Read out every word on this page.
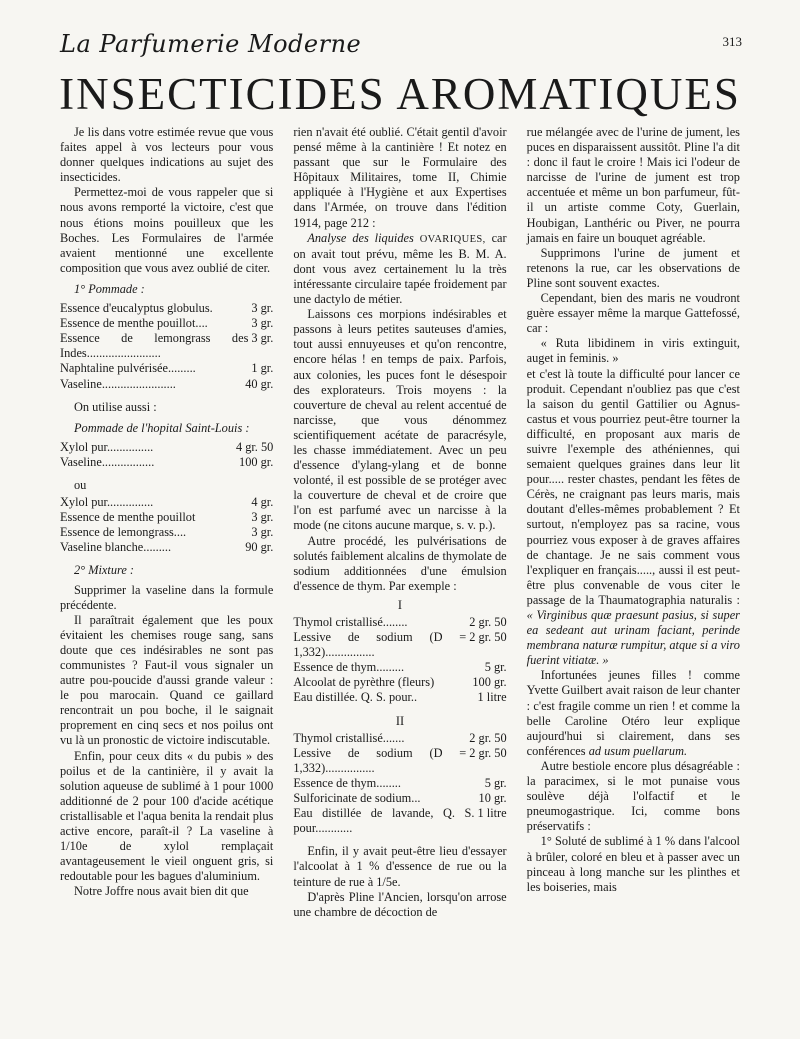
La Parfumerie Moderne	313
INSECTICIDES AROMATIQUES

Je lis dans votre estimée revue que vous faites appel à vos lecteurs pour vous donner quelques indications au sujet des insecticides.

Permettez-moi de vous rappeler que si nous avons remporté la victoire, c'est que nous étions moins pouilleux que les Boches. Les Formulaires de l'armée avaient mentionné une excellente composition que vous avez oublié de citer.

1° Pommade :
Essence d'eucalyptus globulus.	3 gr.
Essence de menthe pouillot....	3 gr.
Essence de lemongrass des Indes........................
3 gr.
Naphtaline pulvérisée.........	1 gr.
Vaseline........................	40 gr.

On utilise aussi :

Pommade de l'hopital Saint-Louis :
Xylol pur...............	4 gr. 50
Vaseline.................	100 gr.

ou

Xylol pur...............	4 gr.
Essence de menthe pouillot	3 gr.
Essence de lemongrass....	3 gr.
Vaseline blanche.........	90 gr.
2° Mixture :

Supprimer la vaseline dans la formule précédente.

Il paraîtrait également que les poux évitaient les chemises rouge sang, sans doute que ces indésirables ne sont pas communistes ? Faut-il vous signaler un autre pou-poucide d'aussi grande valeur : le pou marocain. Quand ce gaillard rencontrait un pou boche, il le saignait proprement en cinq secs et nos poilus ont vu là un pronostic de victoire indiscutable.

Enfin, pour ceux dits « du pubis » des poilus et de la cantinière, il y avait la solution aqueuse de sublimé à 1 pour 1000 additionné de 2 pour 100 d'acide acétique cristallisable et l'aqua benita la rendait plus active encore, paraît-il ? La vaseline à 1/10e de xylol remplaçait avantageusement le vieil onguent gris, si redoutable pour les bagues d'aluminium.

Notre Joffre nous avait bien dit que

rien n'avait été oublié. C'était gentil d'avoir pensé même à la cantinière ! Et notez en passant que sur le Formulaire des Hôpitaux Militaires, tome II, Chimie appliquée à l'Hygiène et aux Expertises dans l'Armée, on trouve dans l'édition 1914, page 212 :

Analyse des liquides OVARIQUES, car on avait tout prévu, même les B. M. A. dont vous avez certainement lu la très intéressante circulaire tapée froidement par une dactylo de métier.

Laissons ces morpions indésirables et passons à leurs petites sauteuses d'amies, tout aussi ennuyeuses et qu'on rencontre, encore hélas ! en temps de paix. Parfois, aux colonies, les puces font le désespoir des explorateurs. Trois moyens : la couverture de cheval au relent accentué de narcisse, que vous dénommez scientifiquement acétate de paracrésyle, les chasse immédiatement. Avec un peu d'essence d'ylang-ylang et de bonne volonté, il est possible de se protéger avec la couverture de cheval et de croire que l'on est parfumé avec un narcisse à la mode (ne citons aucune marque, s. v. p.).

Autre procédé, les pulvérisations de solutés faiblement alcalins de thymolate de sodium additionnées d'une émulsion d'essence de thym. Par exemple :

I
Thymol cristallisé........	2 gr. 50
Lessive de sodium (D = 1,332)................
2 gr. 50
Essence de thym.........	5 gr.
Alcoolat de pyrèthre (fleurs)	100 gr.
Eau distillée. Q. S. pour..	1 litre
II
Thymol cristallisé.......	2 gr. 50
Lessive de sodium (D = 1,332)................
2 gr. 50
Essence de thym........	5 gr.
Sulforicinate de sodium...	10 gr.
Eau distillée de lavande, Q. S. pour............
1 litre

Enfin, il y avait peut-être lieu d'essayer l'alcoolat à 1 % d'essence de rue ou la teinture de rue à 1/5e.

D'après Pline l'Ancien, lorsqu'on arrose une chambre de décoction de

rue mélangée avec de l'urine de jument, les puces en disparaissent aussitôt. Pline l'a dit : donc il faut le croire ! Mais ici l'odeur de narcisse de l'urine de jument est trop accentuée et même un bon parfumeur, fût-il un artiste comme Coty, Guerlain, Houbigan, Lanthéric ou Piver, ne pourra jamais en faire un bouquet agréable.

Supprimons l'urine de jument et retenons la rue, car les observations de Pline sont souvent exactes.

Cependant, bien des maris ne voudront guère essayer même la marque Gattefossé, car :

« Ruta libidinem in viris extinguit, auget in feminis. »

et c'est là toute la difficulté pour lancer ce produit. Cependant n'oubliez pas que c'est la saison du gentil Gattilier ou Agnus-castus et vous pourriez peut-être tourner la difficulté, en proposant aux maris de suivre l'exemple des athéniennes, qui semaient quelques graines dans leur lit pour..... rester chastes, pendant les fêtes de Cérès, ne craignant pas leurs maris, mais doutant d'elles-mêmes probablement ? Et surtout, n'employez pas sa racine, vous pourriez vous exposer à de graves affaires de chantage. Je ne sais comment vous l'expliquer en français....., aussi il est peut-être plus convenable de vous citer le passage de la Thaumatographia naturalis : « Virginibus quæ praesunt pasius, si super ea sedeant aut urinam faciant, perinde membrana naturæ rumpitur, atque si a viro fuerint vitiatæ. »

Infortunées jeunes filles ! comme Yvette Guilbert avait raison de leur chanter : c'est fragile comme un rien ! et comme la belle Caroline Otéro leur explique aujourd'hui si clairement, dans ses conférences ad usum puellarum.

Autre bestiole encore plus désagréable : la paracimex, si le mot punaise vous soulève déjà l'olfactif et le pneumogastrique. Ici, comme bons préservatifs :

1° Soluté de sublimé à 1 % dans l'alcool à brûler, coloré en bleu et à passer avec un pinceau à long manche sur les plinthes et les boiseries, mais
